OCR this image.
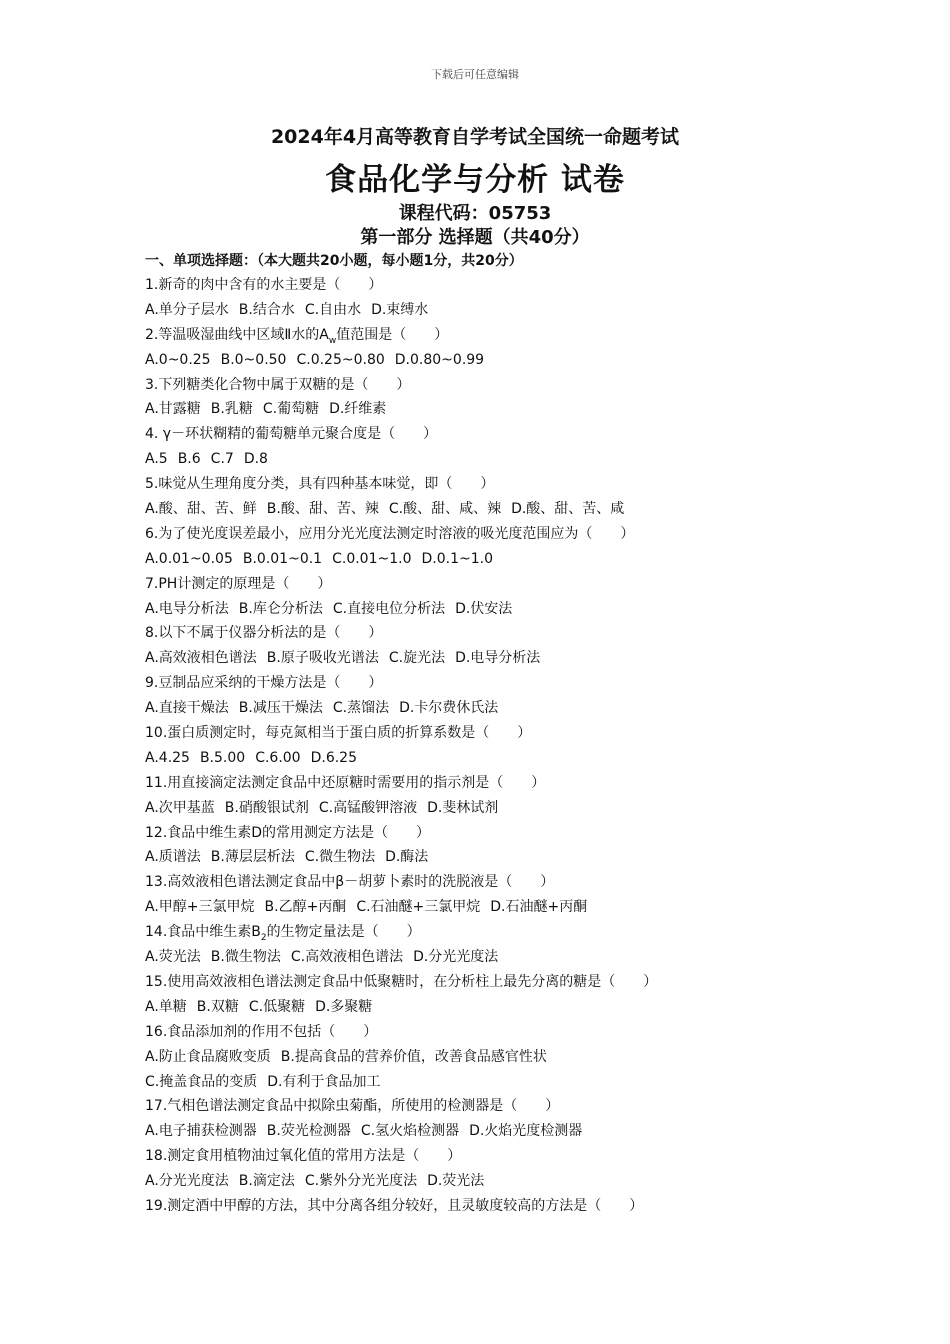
下载后可任意编辑
2024年4月高等教育自学考试全国统一命题考试
食品化学与分析 试卷
课程代码：05753
第一部分 选择题（共40分）
一、单项选择题：（本大题共20小题，每小题1分，共20分）
1.新奇的肉中含有的水主要是（　　）
A.单分子层水 B.结合水 C.自由水 D.束缚水
2.等温吸湿曲线中区域Ⅱ水的$A_w$值范围是（　　）
A.0~0.25 B.0~0.50 C.0.25~0.80 D.0.80~0.99
3.下列糖类化合物中属于双糖的是（　　）
A.甘露糖 B.乳糖 C.葡萄糖 D.纤维素
4. γ－环状糊精的葡萄糖单元聚合度是（　　）
A.5 B.6 C.7 D.8
5.味觉从生理角度分类，具有四种基本味觉，即（　　）
A.酸、甜、苦、鲜 B.酸、甜、苦、辣 C.酸、甜、咸、辣 D.酸、甜、苦、咸
6.为了使光度误差最小，应用分光光度法测定时溶液的吸光度范围应为（　　）
A.0.01~0.05 B.0.01~0.1 C.0.01~1.0 D.0.1~1.0
7.PH计测定的原理是（　　）
A.电导分析法 B.库仑分析法 C.直接电位分析法 D.伏安法
8.以下不属于仪器分析法的是（　　）
A.高效液相色谱法 B.原子吸收光谱法 C.旋光法 D.电导分析法
9.豆制品应采纳的干燥方法是（　　）
A.直接干燥法 B.减压干燥法 C.蒸馏法 D.卡尔费休氏法
10.蛋白质测定时，每克氮相当于蛋白质的折算系数是（　　）
A.4.25 B.5.00 C.6.00 D.6.25
11.用直接滴定法测定食品中还原糖时需要用的指示剂是（　　）
A.次甲基蓝 B.硝酸银试剂 C.高锰酸钾溶液 D.斐林试剂
12.食品中维生素D的常用测定方法是（　　）
A.质谱法 B.薄层层析法 C.微生物法 D.酶法
13.高效液相色谱法测定食品中β－胡萝卜素时的洗脱液是（　　）
A.甲醇+三氯甲烷 B.乙醇+丙酮 C.石油醚+三氯甲烷 D.石油醚+丙酮
14.食品中维生素$B_2$的生物定量法是（　　）
A.荧光法 B.微生物法 C.高效液相色谱法 D.分光光度法
15.使用高效液相色谱法测定食品中低聚糖时，在分析柱上最先分离的糖是（　　）
A.单糖 B.双糖 C.低聚糖 D.多聚糖
16.食品添加剂的作用不包括（　　）
A.防止食品腐败变质 B.提高食品的营养价值，改善食品感官性状
C.掩盖食品的变质 D.有利于食品加工
17.气相色谱法测定食品中拟除虫菊酯，所使用的检测器是（　　）
A.电子捕获检测器 B.荧光检测器 C.氢火焰检测器 D.火焰光度检测器
18.测定食用植物油过氧化值的常用方法是（　　）
A.分光光度法 B.滴定法 C.紫外分光光度法 D.荧光法
19.测定酒中甲醇的方法，其中分离各组分较好，且灵敏度较高的方法是（　　）
